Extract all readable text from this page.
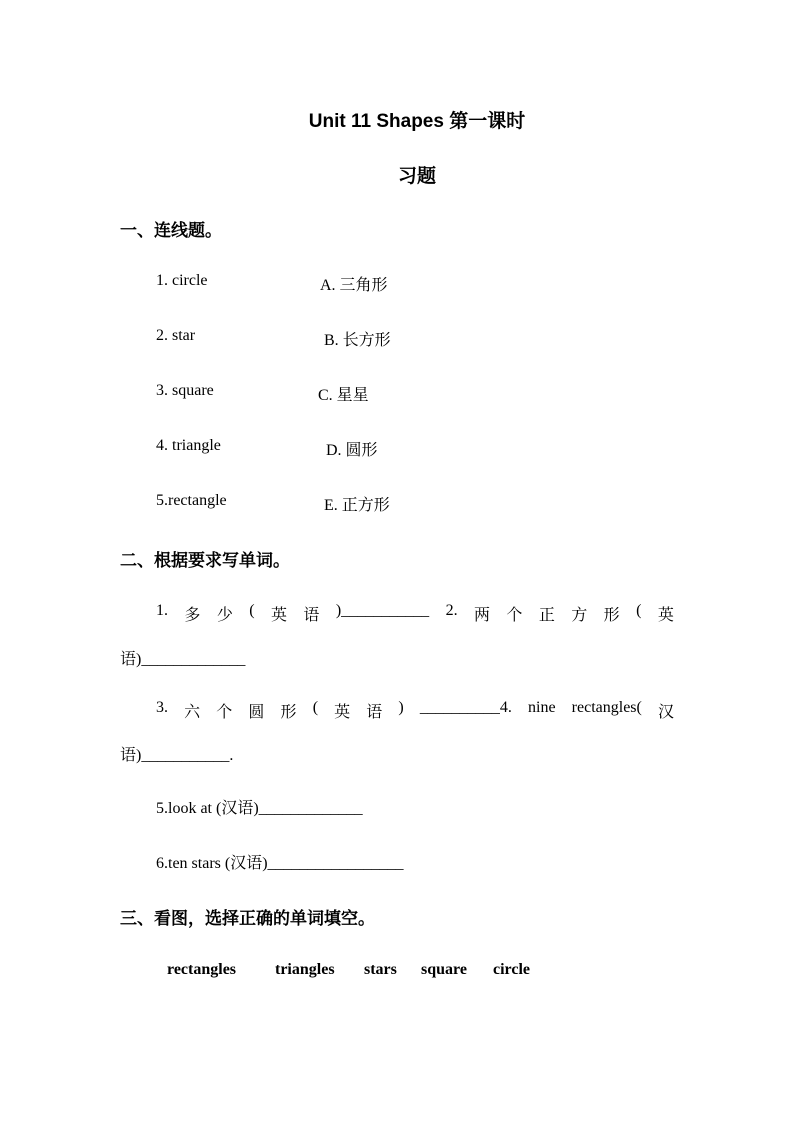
Unit 11 Shapes 第一课时
习题
一、连线题。
1. circle	A. 三角形
2. star	B. 长方形
3. square	C. 星星
4. triangle	D. 圆形
5.rectangle	E. 正方形
二、根据要求写单词。
1. 多 少 ( 英 语 )___________ 2. 两 个 正 方 形 ( 英
语)_____________
3. 六 个 圆 形 ( 英 语 ) __________4. nine rectangles( 汉
语)___________.
5.look at (汉语)_____________
6.ten stars (汉语)_________________
三、看图，选择正确的单词填空。
rectangles triangles stars square circle
